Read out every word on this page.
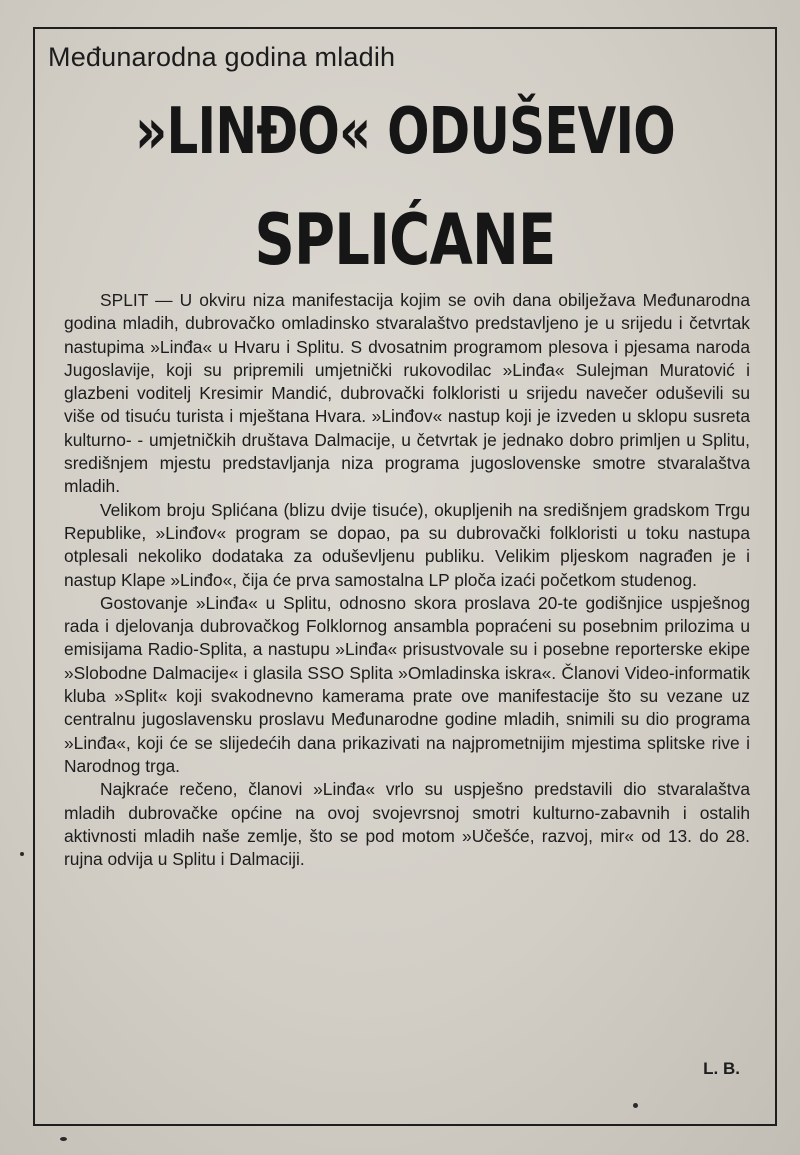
Međunarodna godina mladih
»LINĐO« ODUŠEVIO
SPLIĆANE

SPLIT — U okviru niza manifestacija kojim se ovih dana obilježava Međunarodna godina mladih, dubrovačko omladinsko stvaralaštvo predstavljeno je u srijedu i četvrtak nastupima »Linđa« u Hvaru i Splitu. S dvosatnim programom plesova i pjesama naroda Jugoslavije, koji su pripremili umjetnički rukovodilac »Linđa« Sulejman Muratović i glazbeni voditelj Kresimir Mandić, dubrovački folkloristi u srijedu navečer oduševili su više od tisuću turista i mještana Hvara. »Linđov« nastup koji je izveden u sklopu susreta kulturno- - umjetničkih društava Dalmacije, u četvrtak je jednako dobro primljen u Splitu, središnjem mjestu predstavljanja niza programa jugoslovenske smotre stvaralaštva mladih.

Velikom broju Splićana (blizu dvije tisuće), okupljenih na središnjem gradskom Trgu Republike, »Linđov« program se dopao, pa su dubrovački folkloristi u toku nastupa otplesali nekoliko dodataka za oduševljenu publiku. Velikim pljeskom nagrađen je i nastup Klape »Linđo«, čija će prva samostalna LP ploča izaći početkom studenog.

Gostovanje »Linđa« u Splitu, odnosno skora proslava 20-te godišnjice uspješnog rada i djelovanja dubrovačkog Folklornog ansambla popraćeni su posebnim prilozima u emisijama Radio-Splita, a nastupu »Linđa« prisustvovale su i posebne reporterske ekipe »Slobodne Dalmacije« i glasila SSO Splita »Omladinska iskra«. Članovi Video-informatik kluba »Split« koji svakodnevno kamerama prate ove manifestacije što su vezane uz centralnu jugoslavensku proslavu Međunarodne godine mladih, snimili su dio programa »Linđa«, koji će se slijedećih dana prikazivati na najprometnijim mjestima splitske rive i Narodnog trga.

Najkraće rečeno, članovi »Linđa« vrlo su uspješno predstavili dio stvaralaštva mladih dubrovačke općine na ovoj svojevrsnoj smotri kulturno-zabavnih i ostalih aktivnosti mladih naše zemlje, što se pod motom »Učešće, razvoj, mir« od 13. do 28. rujna odvija u Splitu i Dalmaciji.

L. B.
